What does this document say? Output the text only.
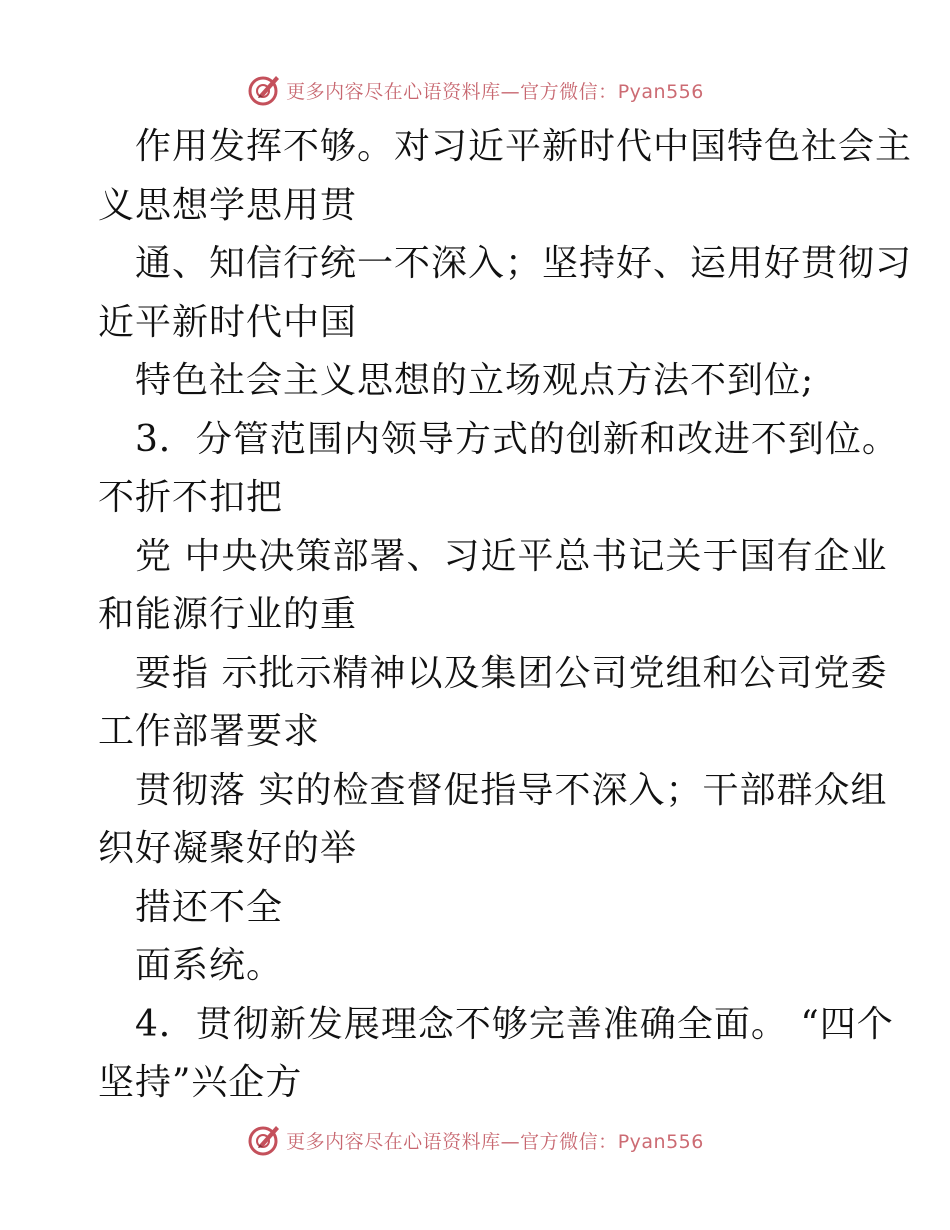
更多内容尽在心语资料库—官方微信：Pyan556
作用发挥不够。对习近平新时代中国特色社会主
义思想学思用贯
通、知信行统一不深入；坚持好、运用好贯彻习
近平新时代中国
特色社会主义思想的立场观点方法不到位;
3．分管范围内领导方式的创新和改进不到位。
不折不扣把
党 中央决策部署、习近平总书记关于国有企业
和能源行业的重
要指 示批示精神以及集团公司党组和公司党委
工作部署要求
贯彻落 实的检查督促指导不深入；干部群众组
织好凝聚好的举
措还不全
面系统。
4．贯彻新发展理念不够完善准确全面。 “四个
坚持”兴企方
更多内容尽在心语资料库—官方微信：Pyan556
